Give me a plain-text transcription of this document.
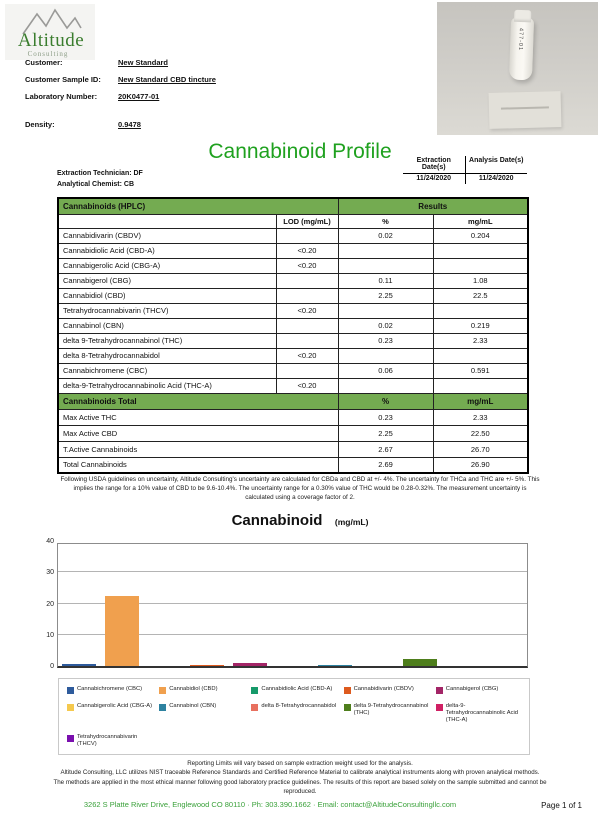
Altitude
Consulting
477-01
Customer:	New Standard
Customer Sample ID: New Standard CBD tincture
Laboratory Number:	20K0477-01
Density:	0.9478
Cannabinoid Profile
Extraction Technician: DF
Analytical Chemist: CB
Extraction Date(s)
Analysis Date(s)
11/24/2020	11/24/2020
Cannabinoids (HPLC)		Results	
	LOD (mg/mL)	%	mg/mL
Cannabidivarin (CBDV)		0.02	0.204
Cannabidiolic Acid (CBD-A)	<0.20		
Cannabigerolic Acid (CBG-A)	<0.20		
Cannabigerol (CBG)		0.11	1.08
Cannabidiol (CBD)		2.25	22.5
Tetrahydrocannabivarin (THCV)	<0.20		
Cannabinol (CBN)		0.02	0.219
delta 9-Tetrahydrocannabinol (THC)		0.23	2.33
delta 8-Tetrahydrocannabidol	<0.20		
Cannabichromene (CBC)		0.06	0.591
delta-9-Tetrahydrocannabinolic Acid (THC-A)	<0.20		
Cannabinoids Total		%	mg/mL
Max Active THC		0.23	2.33
Max Active CBD		2.25	22.50
T.Active Cannabinoids		2.67	26.70
Total Cannabinoids		2.69	26.90
Following USDA guidelines on uncertainty, Altitude Consulting's uncertainty are calculated for CBDa and CBD at +/- 4%. The uncertainty for THCa and THC are +/- 5%. This implies the range for a 10% value of CBD to be 9.6-10.4%. The uncertainty range for a 0.30% value of THC would be 0.28-0.32%. The measurement uncertainty is calculated using a coverage factor of 2.
Cannabinoid (mg/mL)
0
10
20
30
40
Cannabichromene (CBC)	Cannabidiol (CBD)	Cannabidiolic Acid (CBD-A)	Cannabidivarin (CBDV)	Cannabigerol (CBG)
Cannabigerolic Acid (CBG-A)	Cannabinol (CBN)	delta 8-Tetrahydrocannabidol	delta 9-Tetrahydrocannabinol (THC)
delta-9-Tetrahydrocannabinolic Acid (THC-A)
Tetrahydrocannabivarin (THCV)
Reporting Limits will vary based on sample extraction weight used for the analysis.
Altitude Consulting, LLC utilizes NIST traceable Reference Standards and Certified Reference Material to calibrate analytical instruments along with proven analytical methods.
The methods are applied in the most ethical manner following good laboratory practice guidelines. The results of this report are based solely on the sample submitted and cannot be reproduced.
3262 S Platte River Drive, Englewood CO 80110 · Ph: 303.390.1662 · Email: contact@AltitudeConsultingllc.com	Page 1 of 1
